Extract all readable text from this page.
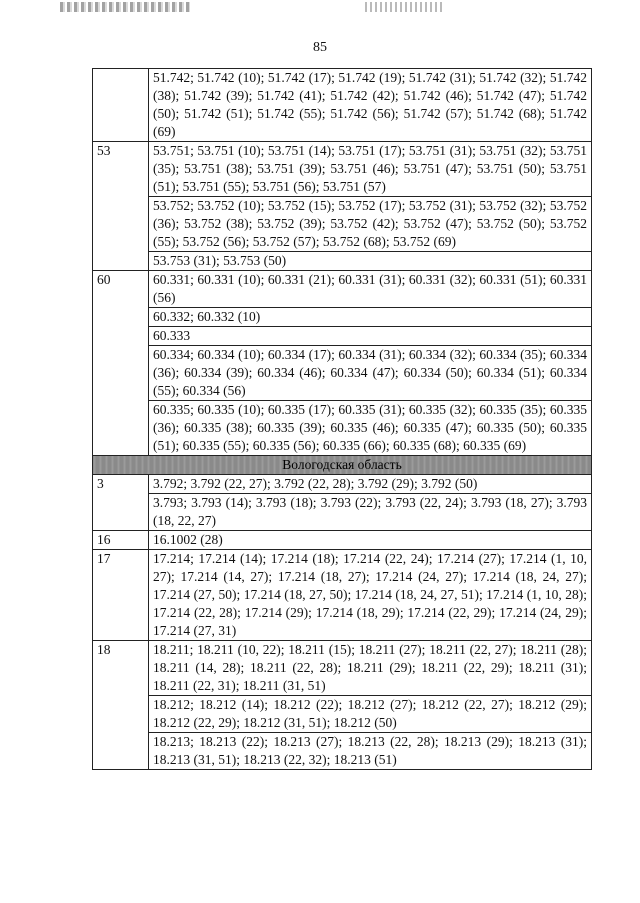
85
	51.742; 51.742 (10); 51.742 (17); 51.742 (19); 51.742 (31); 51.742 (32); 51.742 (38); 51.742 (39); 51.742 (41); 51.742 (42); 51.742 (46); 51.742 (47); 51.742 (50); 51.742 (51); 51.742 (55); 51.742 (56); 51.742 (57); 51.742 (68); 51.742 (69)
53	53.751; 53.751 (10); 53.751 (14); 53.751 (17); 53.751 (31); 53.751 (32); 53.751 (35); 53.751 (38); 53.751 (39); 53.751 (46); 53.751 (47); 53.751 (50); 53.751 (51); 53.751 (55); 53.751 (56); 53.751 (57)
	53.752; 53.752 (10); 53.752 (15); 53.752 (17); 53.752 (31); 53.752 (32); 53.752 (36); 53.752 (38); 53.752 (39); 53.752 (42); 53.752 (47); 53.752 (50); 53.752 (55); 53.752 (56); 53.752 (57); 53.752 (68); 53.752 (69)
	53.753 (31); 53.753 (50)
60	60.331; 60.331 (10); 60.331 (21); 60.331 (31); 60.331 (32); 60.331 (51); 60.331 (56)
	60.332; 60.332 (10)
	60.333
	60.334; 60.334 (10); 60.334 (17); 60.334 (31); 60.334 (32); 60.334 (35); 60.334 (36); 60.334 (39); 60.334 (46); 60.334 (47); 60.334 (50); 60.334 (51); 60.334 (55); 60.334 (56)
	60.335; 60.335 (10); 60.335 (17); 60.335 (31); 60.335 (32); 60.335 (35); 60.335 (36); 60.335 (38); 60.335 (39); 60.335 (46); 60.335 (47); 60.335 (50); 60.335 (51); 60.335 (55); 60.335 (56); 60.335 (66); 60.335 (68); 60.335 (69)
Вологодская область	
3	3.792; 3.792 (22, 27); 3.792 (22, 28); 3.792 (29); 3.792 (50)
	3.793; 3.793 (14); 3.793 (18); 3.793 (22); 3.793 (22, 24); 3.793 (18, 27); 3.793 (18, 22, 27)
16	16.1002 (28)
17	17.214; 17.214 (14); 17.214 (18); 17.214 (22, 24); 17.214 (27); 17.214 (1, 10, 27); 17.214 (14, 27); 17.214 (18, 27); 17.214 (24, 27); 17.214 (18, 24, 27); 17.214 (27, 50); 17.214 (18, 27, 50); 17.214 (18, 24, 27, 51); 17.214 (1, 10, 28); 17.214 (22, 28); 17.214 (29); 17.214 (18, 29); 17.214 (22, 29); 17.214 (24, 29); 17.214 (27, 31)
18	18.211; 18.211 (10, 22); 18.211 (15); 18.211 (27); 18.211 (22, 27); 18.211 (28); 18.211 (14, 28); 18.211 (22, 28); 18.211 (29); 18.211 (22, 29); 18.211 (31); 18.211 (22, 31); 18.211 (31, 51)
	18.212; 18.212 (14); 18.212 (22); 18.212 (27); 18.212 (22, 27); 18.212 (29); 18.212 (22, 29); 18.212 (31, 51); 18.212 (50)
	18.213; 18.213 (22); 18.213 (27); 18.213 (22, 28); 18.213 (29); 18.213 (31); 18.213 (31, 51); 18.213 (22, 32); 18.213 (51)
